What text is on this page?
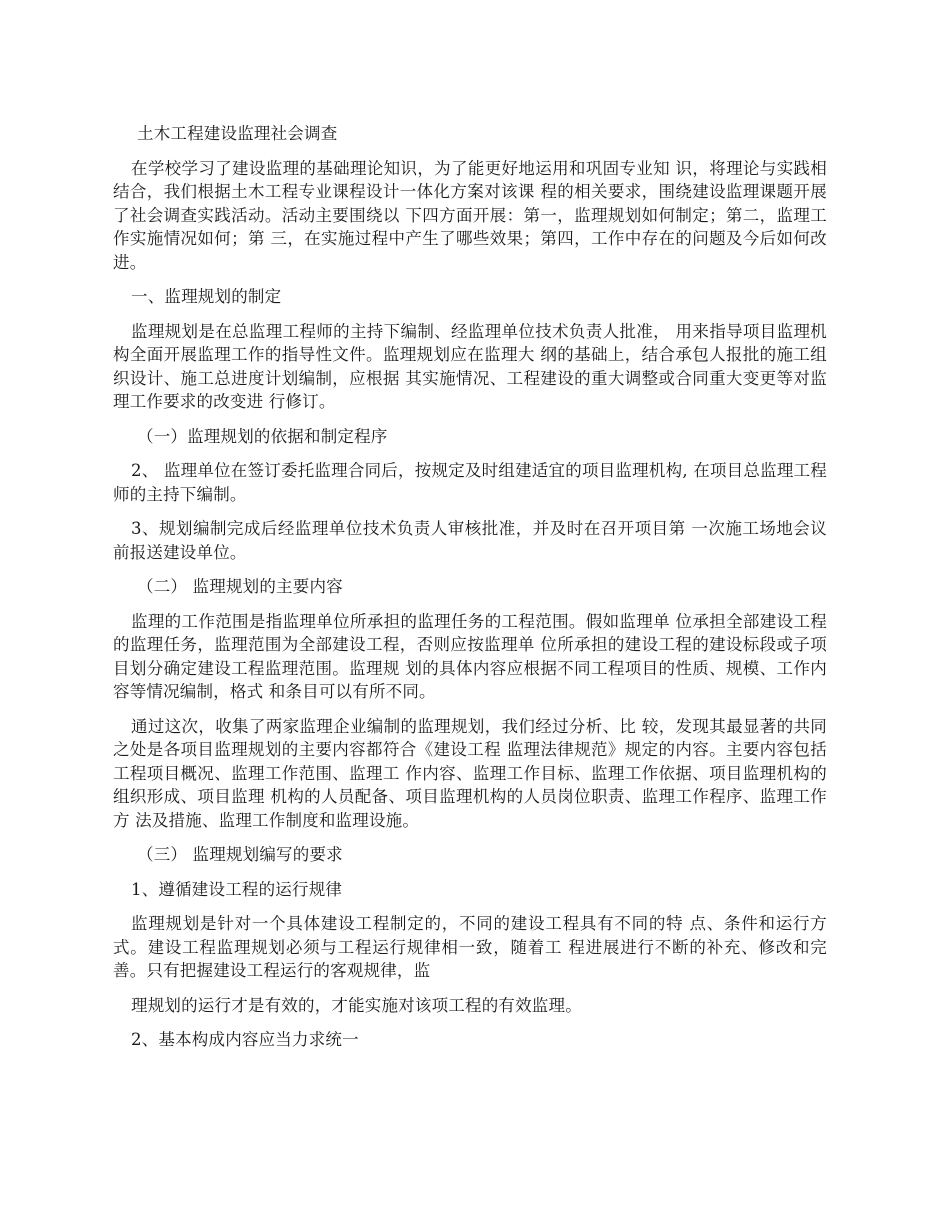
土木工程建设监理社会调查

在学校学习了建设监理的基础理论知识，为了能更好地运用和巩固专业知 识，将理论与实践相结合，我们根据土木工程专业课程设计一体化方案对该课 程的相关要求，围绕建设监理课题开展了社会调查实践活动。活动主要围绕以 下四方面开展：第一，监理规划如何制定；第二，监理工作实施情况如何；第 三，在实施过程中产生了哪些效果；第四，工作中存在的问题及今后如何改进。

一、监理规划的制定

监理规划是在总监理工程师的主持下编制、经监理单位技术负责人批准， 用来指导项目监理机构全面开展监理工作的指导性文件。监理规划应在监理大 纲的基础上，结合承包人报批的施工组织设计、施工总进度计划编制，应根据 其实施情况、工程建设的重大调整或合同重大变更等对监理工作要求的改变进 行修订。

（一）监理规划的依据和制定程序

2、 监理单位在签订委托监理合同后，按规定及时组建适宜的项目监理机构, 在项目总监理工程师的主持下编制。

3、规划编制完成后经监理单位技术负责人审核批准，并及时在召开项目第 一次施工场地会议前报送建设单位。

（二） 监理规划的主要内容

监理的工作范围是指监理单位所承担的监理任务的工程范围。假如监理单 位承担全部建设工程的监理任务，监理范围为全部建设工程，否则应按监理单 位所承担的建设工程的建设标段或子项目划分确定建设工程监理范围。监理规 划的具体内容应根据不同工程项目的性质、规模、工作内容等情况编制，格式 和条目可以有所不同。

通过这次，收集了两家监理企业编制的监理规划，我们经过分析、比 较，发现其最显著的共同之处是各项目监理规划的主要内容都符合《建设工程 监理法律规范》规定的内容。主要内容包括工程项目概况、监理工作范围、监理工 作内容、监理工作目标、监理工作依据、项目监理机构的组织形成、项目监理 机构的人员配备、项目监理机构的人员岗位职责、监理工作程序、监理工作方 法及措施、监理工作制度和监理设施。

（三） 监理规划编写的要求

1、遵循建设工程的运行规律

监理规划是针对一个具体建设工程制定的，不同的建设工程具有不同的特 点、条件和运行方式。建设工程监理规划必须与工程运行规律相一致，随着工 程进展进行不断的补充、修改和完善。只有把握建设工程运行的客观规律，监

理规划的运行才是有效的，才能实施对该项工程的有效监理。

2、基本构成内容应当力求统一
